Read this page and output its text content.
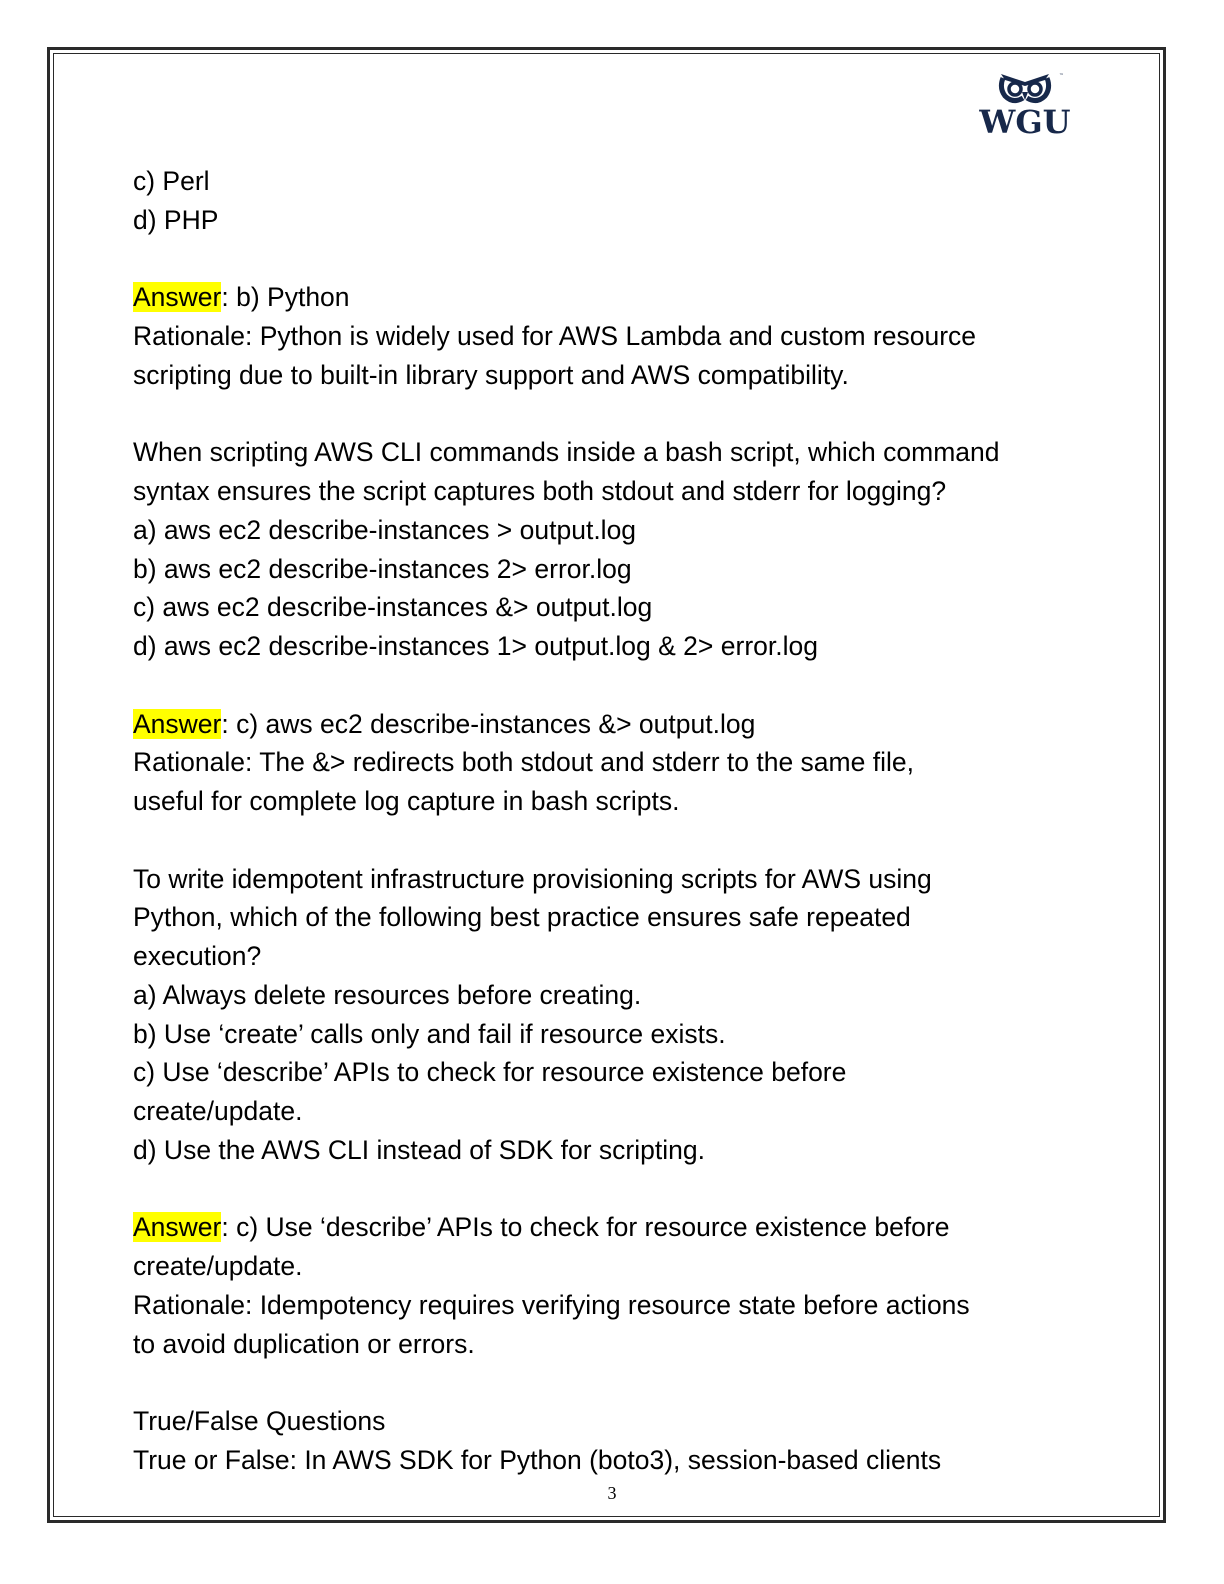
™
WGU
c) Perl
d) PHP
Answer: b) Python
Rationale: Python is widely used for AWS Lambda and custom resource
scripting due to built-in library support and AWS compatibility.
When scripting AWS CLI commands inside a bash script, which command
syntax ensures the script captures both stdout and stderr for logging?
a) aws ec2 describe-instances > output.log
b) aws ec2 describe-instances 2> error.log
c) aws ec2 describe-instances &> output.log
d) aws ec2 describe-instances 1> output.log & 2> error.log
Answer: c) aws ec2 describe-instances &> output.log
Rationale: The &> redirects both stdout and stderr to the same file,
useful for complete log capture in bash scripts.
To write idempotent infrastructure provisioning scripts for AWS using
Python, which of the following best practice ensures safe repeated
execution?
a) Always delete resources before creating.
b) Use ‘create’ calls only and fail if resource exists.
c) Use ‘describe’ APIs to check for resource existence before
create/update.
d) Use the AWS CLI instead of SDK for scripting.
Answer: c) Use ‘describe’ APIs to check for resource existence before
create/update.
Rationale: Idempotency requires verifying resource state before actions
to avoid duplication or errors.
True/False Questions
True or False: In AWS SDK for Python (boto3), session-based clients
3
